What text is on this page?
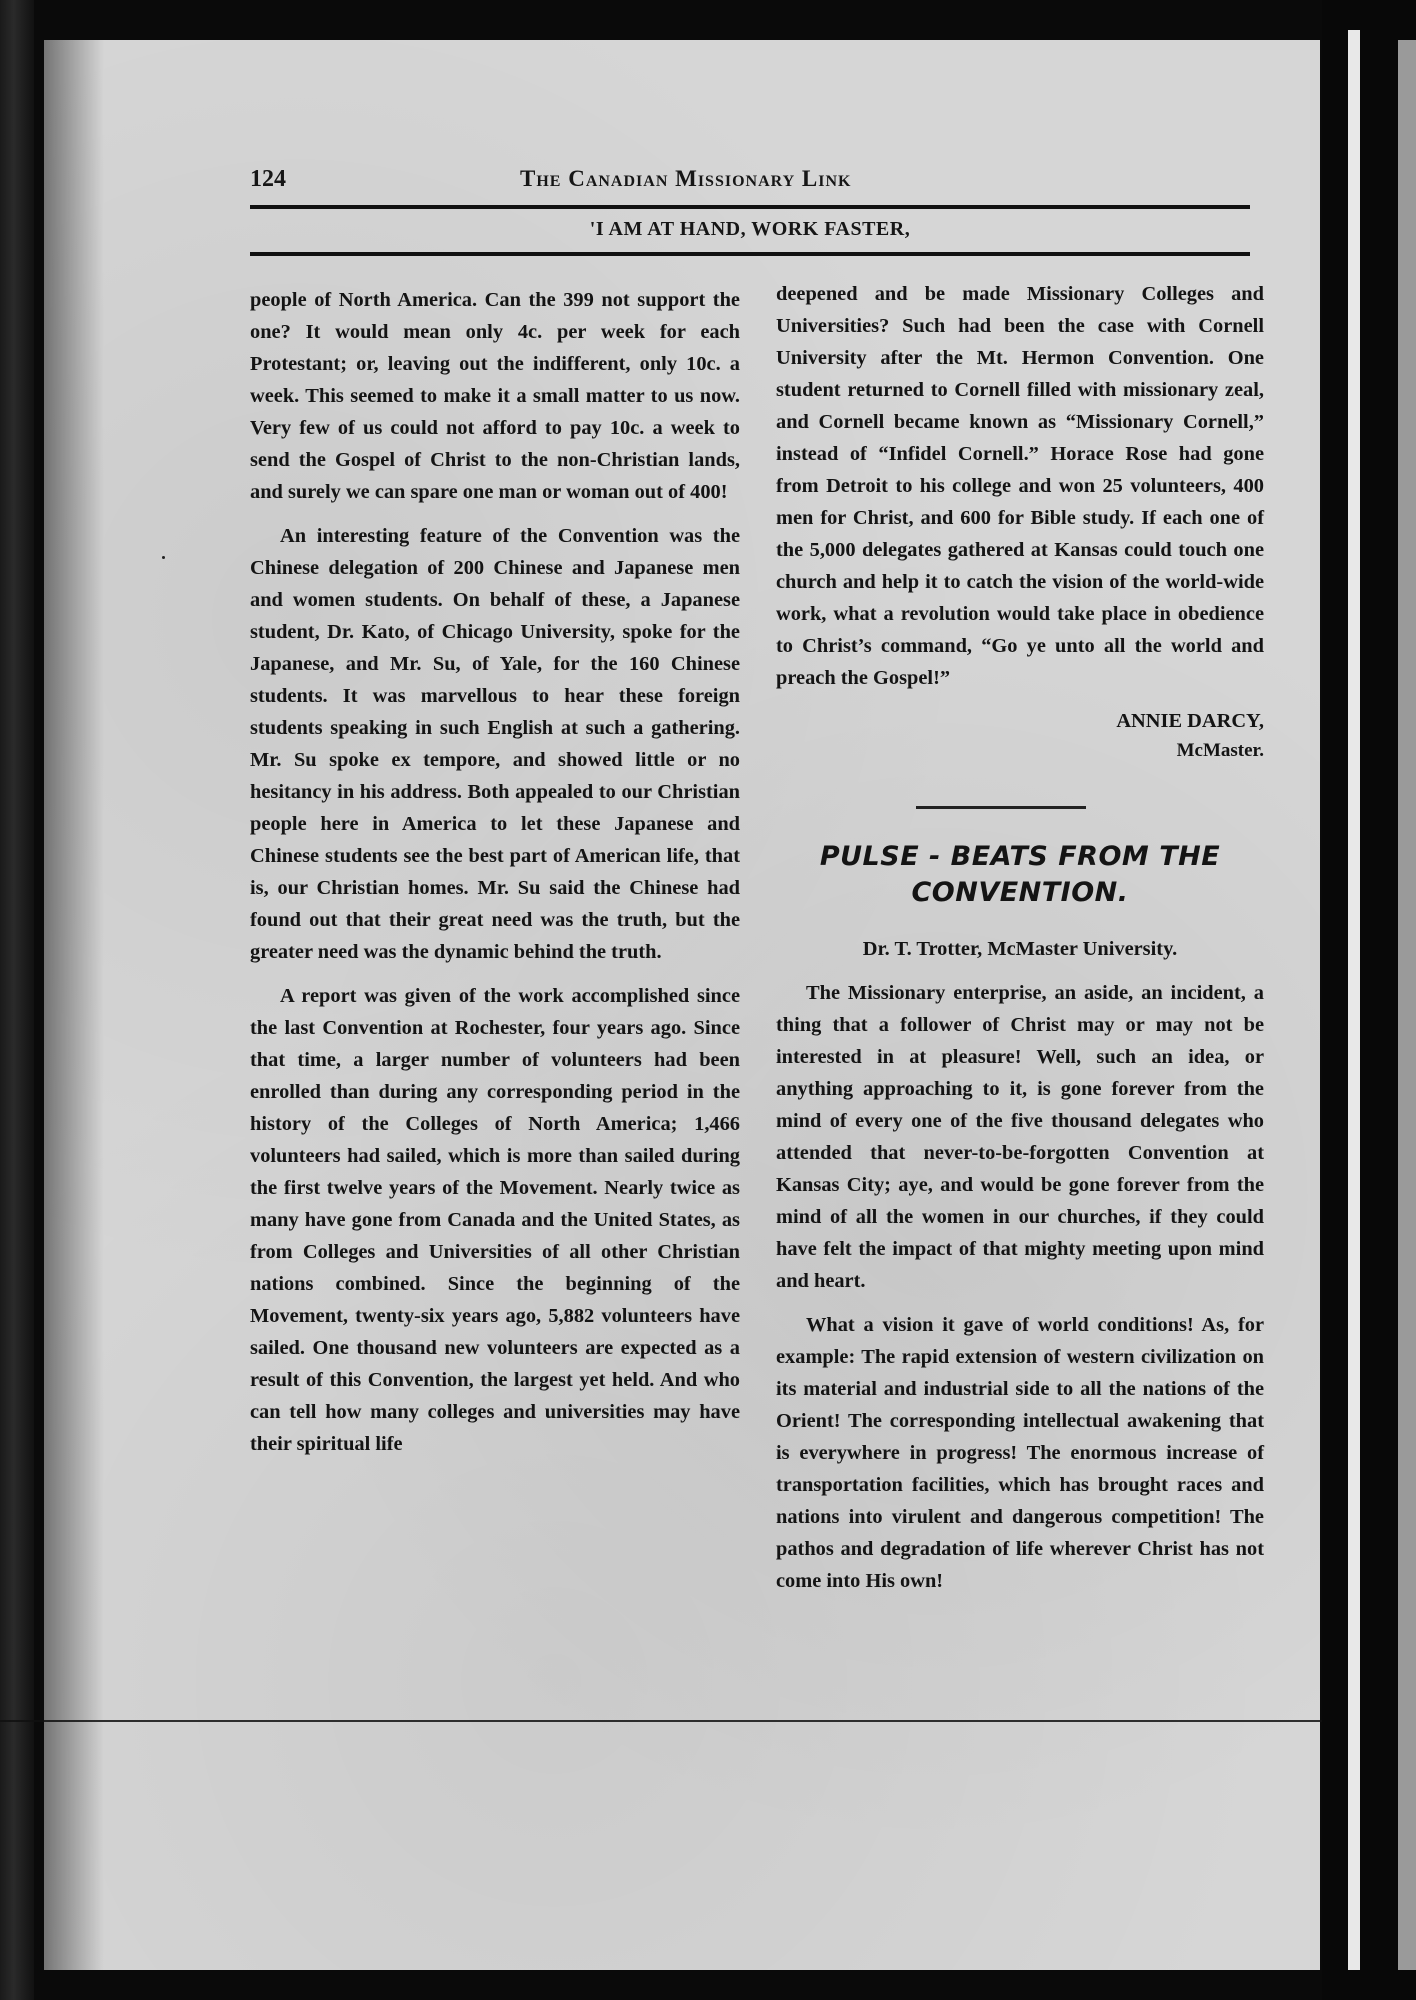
124	The Canadian Missionary Link
'I AM AT HAND, WORK FASTER,

people of North America. Can the 399 not support the one? It would mean only 4c. per week for each Protestant; or, leaving out the indifferent, only 10c. a week. This seemed to make it a small matter to us now. Very few of us could not afford to pay 10c. a week to send the Gospel of Christ to the non-Christian lands, and surely we can spare one man or woman out of 400!

An interesting feature of the Convention was the Chinese delegation of 200 Chinese and Japanese men and women students. On behalf of these, a Japanese student, Dr. Kato, of Chicago University, spoke for the Japanese, and Mr. Su, of Yale, for the 160 Chinese students. It was marvellous to hear these foreign students speaking in such English at such a gathering. Mr. Su spoke ex tempore, and showed little or no hesitancy in his address. Both appealed to our Christian people here in America to let these Japanese and Chinese students see the best part of American life, that is, our Christian homes. Mr. Su said the Chinese had found out that their great need was the truth, but the greater need was the dynamic behind the truth.

A report was given of the work accomplished since the last Convention at Rochester, four years ago. Since that time, a larger number of volunteers had been enrolled than during any corresponding period in the history of the Colleges of North America; 1,466 volunteers had sailed, which is more than sailed during the first twelve years of the Movement. Nearly twice as many have gone from Canada and the United States, as from Colleges and Universities of all other Christian nations combined. Since the beginning of the Movement, twenty-six years ago, 5,882 volunteers have sailed. One thousand new volunteers are expected as a result of this Convention, the largest yet held. And who can tell how many colleges and universities may have their spiritual life

deepened and be made Missionary Colleges and Universities? Such had been the case with Cornell University after the Mt. Hermon Convention. One student returned to Cornell filled with missionary zeal, and Cornell became known as “Missionary Cornell,” instead of “Infidel Cornell.” Horace Rose had gone from Detroit to his college and won 25 volunteers, 400 men for Christ, and 600 for Bible study. If each one of the 5,000 delegates gathered at Kansas could touch one church and help it to catch the vision of the world-wide work, what a revolution would take place in obedience to Christ’s command, “Go ye unto all the world and preach the Gospel!”

ANNIE DARCY,
McMaster.
PULSE - BEATS FROM THE
CONVENTION.

Dr. T. Trotter, McMaster University.

The Missionary enterprise, an aside, an incident, a thing that a follower of Christ may or may not be interested in at pleasure! Well, such an idea, or anything approaching to it, is gone forever from the mind of every one of the five thousand delegates who attended that never-to-be-forgotten Convention at Kansas City; aye, and would be gone forever from the mind of all the women in our churches, if they could have felt the impact of that mighty meeting upon mind and heart.

What a vision it gave of world conditions! As, for example: The rapid extension of western civilization on its material and industrial side to all the nations of the Orient! The corresponding intellectual awakening that is everywhere in progress! The enormous increase of transportation facilities, which has brought races and nations into virulent and dangerous competition! The pathos and degradation of life wherever Christ has not come into His own!
